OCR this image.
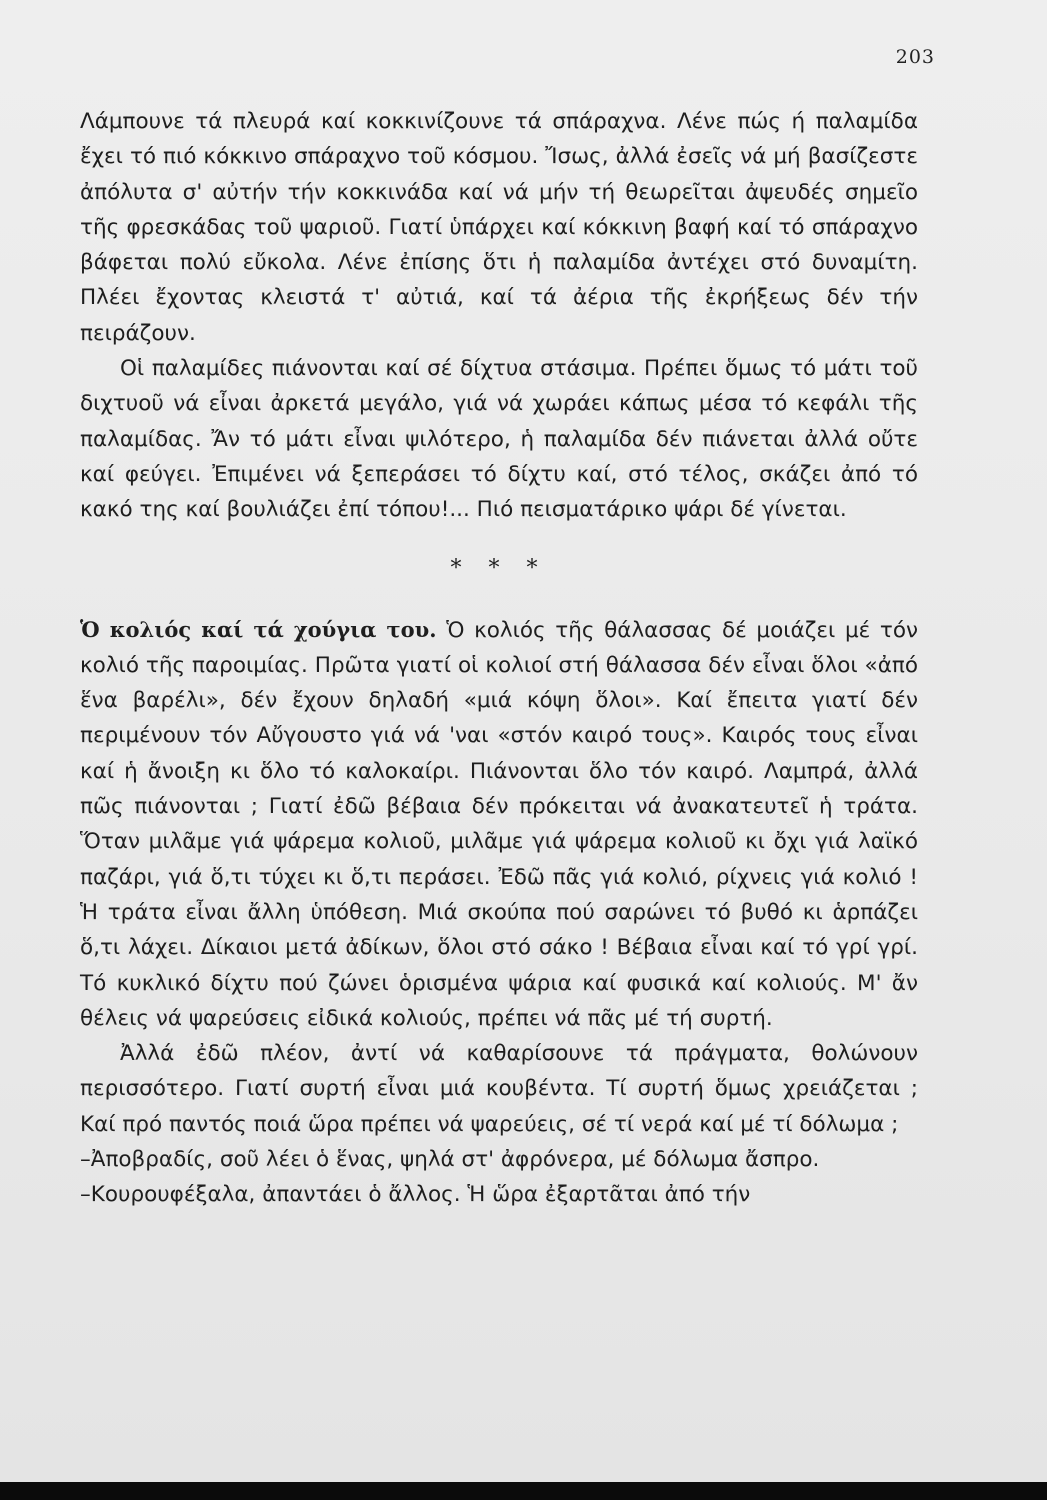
203

Λάμπουνε τά πλευρά καί κοκκινίζουνε τά σπάραχνα. Λένε πώς ή παλαμίδα ἔχει τό πιό κόκκινο σπάραχνο τοῦ κόσμου. Ἴσως, ἀλλά ἐσεῖς νά μή βασίζεστε ἀπόλυτα σ' αὐτήν τήν κοκκινάδα καί νά μήν τή θεωρεῖται ἀψευδές σημεῖο τῆς φρεσκάδας τοῦ ψαριοῦ. Γιατί ὑπάρχει καί κόκκινη βαφή καί τό σπάραχνο βάφεται πολύ εὔκολα. Λένε ἐπίσης ὅτι ἡ παλαμίδα ἀντέχει στό δυναμίτη. Πλέει ἔχοντας κλειστά τ' αὐτιά, καί τά ἀέρια τῆς ἐκρήξεως δέν τήν πειράζουν.

Οἱ παλαμίδες πιάνονται καί σέ δίχτυα στάσιμα. Πρέπει ὅμως τό μάτι τοῦ διχτυοῦ νά εἶναι ἀρκετά μεγάλο, γιά νά χωράει κάπως μέσα τό κεφάλι τῆς παλαμίδας. Ἄν τό μάτι εἶναι ψιλότερο, ἡ παλαμίδα δέν πιάνεται ἀλλά οὔτε καί φεύγει. Ἐπιμένει νά ξεπεράσει τό δίχτυ καί, στό τέλος, σκάζει ἀπό τό κακό της καί βουλιάζει ἐπί τόπου!... Πιό πεισματάρικο ψάρι δέ γίνεται.

* * *

Ὁ κολιός καί τά χούγια του. Ὁ κολιός τῆς θάλασσας δέ μοιάζει μέ τόν κολιό τῆς παροιμίας. Πρῶτα γιατί οἱ κολιοί στή θάλασσα δέν εἶναι ὅλοι «ἀπό ἕνα βαρέλι», δέν ἔχουν δηλαδή «μιά κόψη ὅλοι». Καί ἔπειτα γιατί δέν περιμένουν τόν Αὔγουστο γιά νά 'ναι «στόν καιρό τους». Καιρός τους εἶναι καί ἡ ἄνοιξη κι ὅλο τό καλοκαίρι. Πιάνονται ὅλο τόν καιρό. Λαμπρά, ἀλλά πῶς πιάνονται ; Γιατί ἐδῶ βέβαια δέν πρόκειται νά ἀνακατευτεῖ ἡ τράτα. Ὅταν μιλᾶμε γιά ψάρεμα κολιοῦ, μιλᾶμε γιά ψάρεμα κολιοῦ κι ὄχι γιά λαϊκό παζάρι, γιά ὅ,τι τύχει κι ὅ,τι περάσει. Ἐδῶ πᾶς γιά κολιό, ρίχνεις γιά κολιό ! Ἡ τράτα εἶναι ἄλλη ὑπόθεση. Μιά σκούπα πού σαρώνει τό βυθό κι ἁρπάζει ὅ,τι λάχει. Δίκαιοι μετά ἀδίκων, ὅλοι στό σάκο ! Βέβαια εἶναι καί τό γρί γρί. Τό κυκλικό δίχτυ πού ζώνει ὁρισμένα ψάρια καί φυσικά καί κολιούς. Μ' ἄν θέλεις νά ψαρεύσεις εἰδικά κολιούς, πρέπει νά πᾶς μέ τή συρτή.

Ἀλλά ἐδῶ πλέον, ἀντί νά καθαρίσουνε τά πράγματα, θολώνουν περισσότερο. Γιατί συρτή εἶναι μιά κουβέντα. Τί συρτή ὅμως χρειάζεται ; Καί πρό παντός ποιά ὥρα πρέπει νά ψαρεύεις, σέ τί νερά καί μέ τί δόλωμα ;

–Ἀποβραδίς, σοῦ λέει ὁ ἕνας, ψηλά στ' ἀφρόνερα, μέ δόλωμα ἄσπρο.

–Κουρουφέξαλα, ἀπαντάει ὁ ἄλλος. Ἡ ὥρα ἐξαρτᾶται ἀπό τήν
